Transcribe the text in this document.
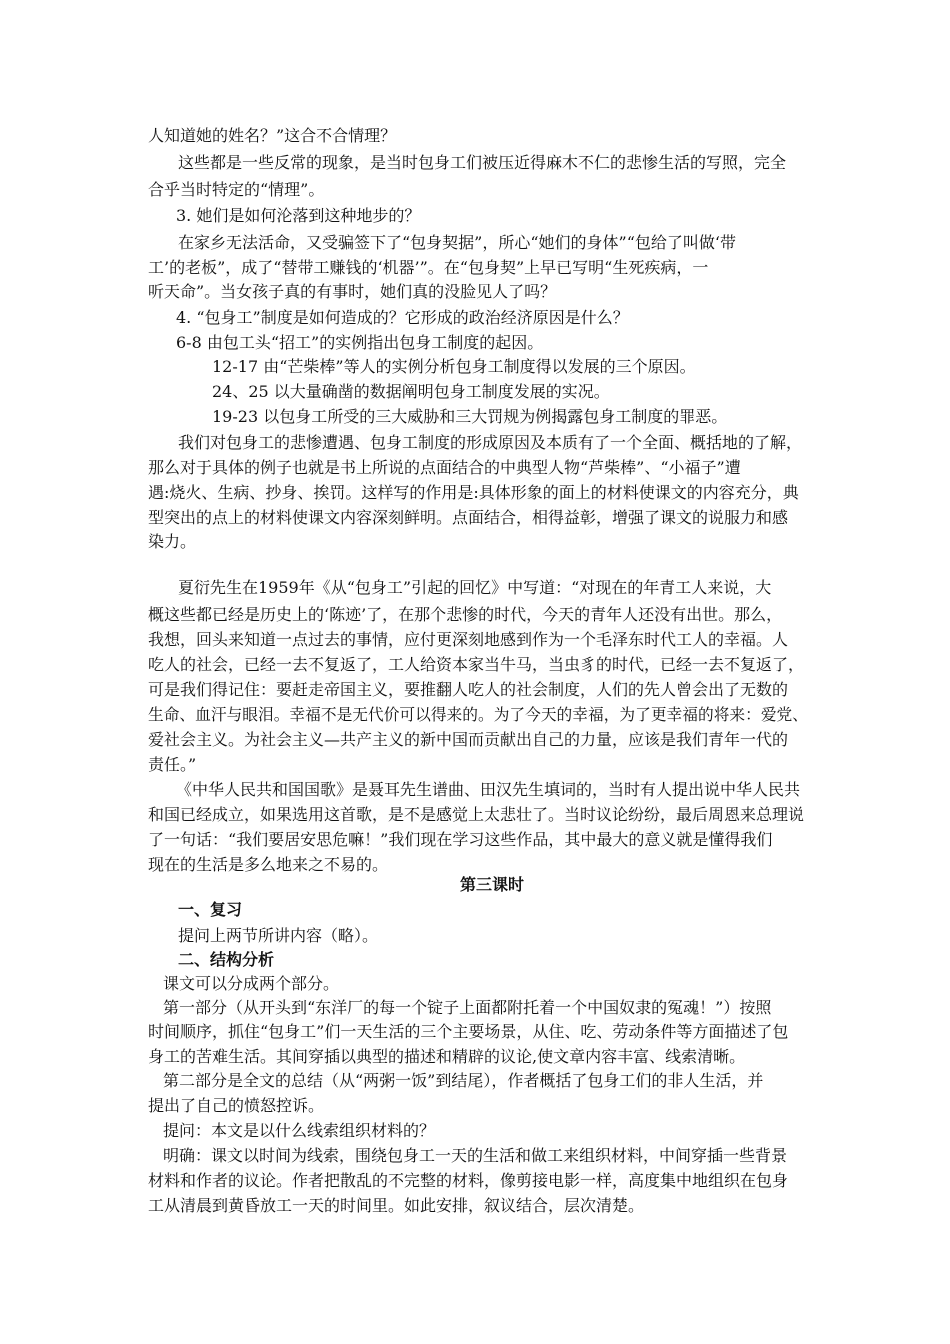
人知道她的姓名？”这合不合情理？
这些都是一些反常的现象，是当时包身工们被压近得麻木不仁的悲惨生活的写照，完全
合乎当时特定的“情理”。
3. 她们是如何沦落到这种地步的？
在家乡无法活命，又受骗签下了“包身契据”，所心“她们的身体”“包给了叫做‘带
工’的老板”，成了“替带工赚钱的‘机器’”。在“包身契”上早已写明“生死疾病，一
听天命”。当女孩子真的有事时，她们真的没脸见人了吗？
4. “包身工”制度是如何造成的？它形成的政治经济原因是什么？
6-8 由包工头“招工”的实例指出包身工制度的起因。
12-17 由“芒柴棒”等人的实例分析包身工制度得以发展的三个原因。
24、25 以大量确凿的数据阐明包身工制度发展的实况。
19-23 以包身工所受的三大威胁和三大罚规为例揭露包身工制度的罪恶。
我们对包身工的悲惨遭遇、包身工制度的形成原因及本质有了一个全面、概括地的了解，
那么对于具体的例子也就是书上所说的点面结合的中典型人物“芦柴棒”、“小福子”遭
遇:烧火、生病、抄身、挨罚。这样写的作用是:具体形象的面上的材料使课文的内容充分，典
型突出的点上的材料使课文内容深刻鲜明。点面结合，相得益彰，增强了课文的说服力和感
染力。
夏衍先生在1959年《从“包身工”引起的回忆》中写道：“对现在的年青工人来说，大
概这些都已经是历史上的‘陈迹’了，在那个悲惨的时代，今天的青年人还没有出世。那么，
我想，回头来知道一点过去的事情，应付更深刻地感到作为一个毛泽东时代工人的幸福。人
吃人的社会，已经一去不复返了，工人给资本家当牛马，当虫豸的时代，已经一去不复返了，
可是我们得记住：要赶走帝国主义，要推翻人吃人的社会制度，人们的先人曾会出了无数的
生命、血汗与眼泪。幸福不是无代价可以得来的。为了今天的幸福，为了更幸福的将来：爱党、
爱社会主义。为社会主义—共产主义的新中国而贡献出自己的力量，应该是我们青年一代的
责任。”
《中华人民共和国国歌》是聂耳先生谱曲、田汉先生填词的，当时有人提出说中华人民共
和国已经成立，如果选用这首歌，是不是感觉上太悲壮了。当时议论纷纷，最后周恩来总理说
了一句话：“我们要居安思危嘛！”我们现在学习这些作品，其中最大的意义就是懂得我们
现在的生活是多么地来之不易的。
第三课时
一、复习
提问上两节所讲内容（略）。
二、结构分析
课文可以分成两个部分。
第一部分（从开头到“东洋厂的每一个锭子上面都附托着一个中国奴隶的冤魂！”）按照
时间顺序，抓住“包身工”们一天生活的三个主要场景，从住、吃、劳动条件等方面描述了包
身工的苦难生活。其间穿插以典型的描述和精辟的议论,使文章内容丰富、线索清晰。
第二部分是全文的总结（从“两粥一饭”到结尾），作者概括了包身工们的非人生活，并
提出了自己的愤怒控诉。
提问：本文是以什么线索组织材料的？
明确：课文以时间为线索，围绕包身工一天的生活和做工来组织材料，中间穿插一些背景
材料和作者的议论。作者把散乱的不完整的材料，像剪接电影一样，高度集中地组织在包身
工从清晨到黄昏放工一天的时间里。如此安排，叙议结合，层次清楚。
